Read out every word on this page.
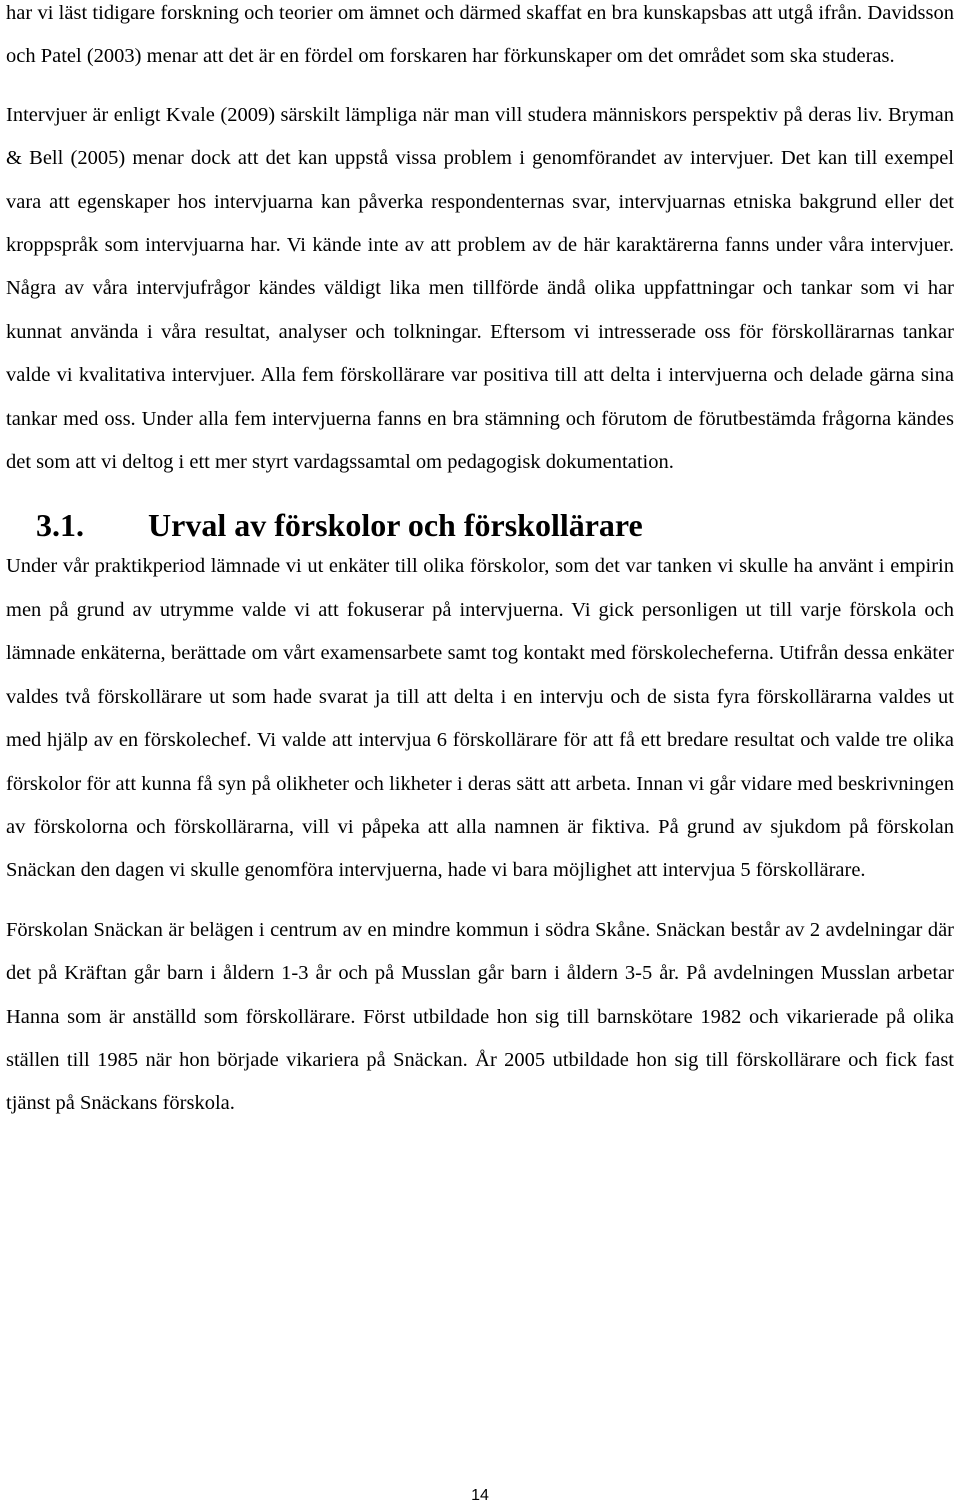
har vi läst tidigare forskning och teorier om ämnet och därmed skaffat en bra kunskapsbas att utgå ifrån. Davidsson och Patel (2003) menar att det är en fördel om forskaren har förkunskaper om det området som ska studeras.

Intervjuer är enligt Kvale (2009) särskilt lämpliga när man vill studera människors perspektiv på deras liv. Bryman & Bell (2005) menar dock att det kan uppstå vissa problem i genomförandet av intervjuer. Det kan till exempel vara att egenskaper hos intervjuarna kan påverka respondenternas svar, intervjuarnas etniska bakgrund eller det kroppspråk som intervjuarna har. Vi kände inte av att problem av de här karaktärerna fanns under våra intervjuer. Några av våra intervjufrågor kändes väldigt lika men tillförde ändå olika uppfattningar och tankar som vi har kunnat använda i våra resultat, analyser och tolkningar. Eftersom vi intresserade oss för förskollärarnas tankar valde vi kvalitativa intervjuer. Alla fem förskollärare var positiva till att delta i intervjuerna och delade gärna sina tankar med oss. Under alla fem intervjuerna fanns en bra stämning och förutom de förutbestämda frågorna kändes det som att vi deltog i ett mer styrt vardagssamtal om pedagogisk dokumentation.

3.1. Urval av förskolor och förskollärare

Under vår praktikperiod lämnade vi ut enkäter till olika förskolor, som det var tanken vi skulle ha använt i empirin men på grund av utrymme valde vi att fokuserar på intervjuerna. Vi gick personligen ut till varje förskola och lämnade enkäterna, berättade om vårt examensarbete samt tog kontakt med förskolecheferna. Utifrån dessa enkäter valdes två förskollärare ut som hade svarat ja till att delta i en intervju och de sista fyra förskollärarna valdes ut med hjälp av en förskolechef. Vi valde att intervjua 6 förskollärare för att få ett bredare resultat och valde tre olika förskolor för att kunna få syn på olikheter och likheter i deras sätt att arbeta. Innan vi går vidare med beskrivningen av förskolorna och förskollärarna, vill vi påpeka att alla namnen är fiktiva. På grund av sjukdom på förskolan Snäckan den dagen vi skulle genomföra intervjuerna, hade vi bara möjlighet att intervjua 5 förskollärare.

Förskolan Snäckan är belägen i centrum av en mindre kommun i södra Skåne. Snäckan består av 2 avdelningar där det på Kräftan går barn i åldern 1-3 år och på Musslan går barn i åldern 3-5 år. På avdelningen Musslan arbetar Hanna som är anställd som förskollärare. Först utbildade hon sig till barnskötare 1982 och vikarierade på olika ställen till 1985 när hon började vikariera på Snäckan. År 2005 utbildade hon sig till förskollärare och fick fast tjänst på Snäckans förskola.

14
